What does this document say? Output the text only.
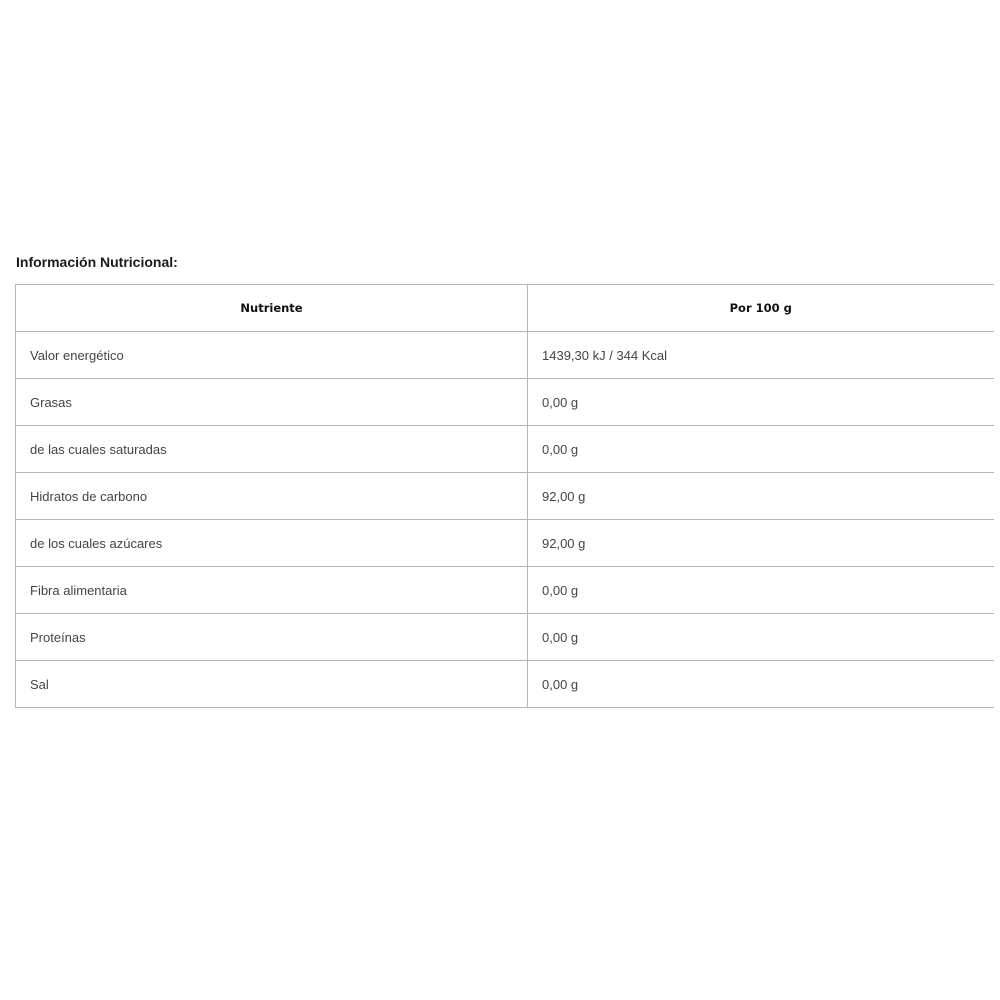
Información Nutricional:
Nutriente	Por 100 g
Valor energético	1439,30 kJ / 344 Kcal
Grasas	0,00 g
de las cuales saturadas	0,00 g
Hidratos de carbono	92,00 g
de los cuales azúcares	92,00 g
Fibra alimentaria	0,00 g
Proteínas	0,00 g
Sal	0,00 g
